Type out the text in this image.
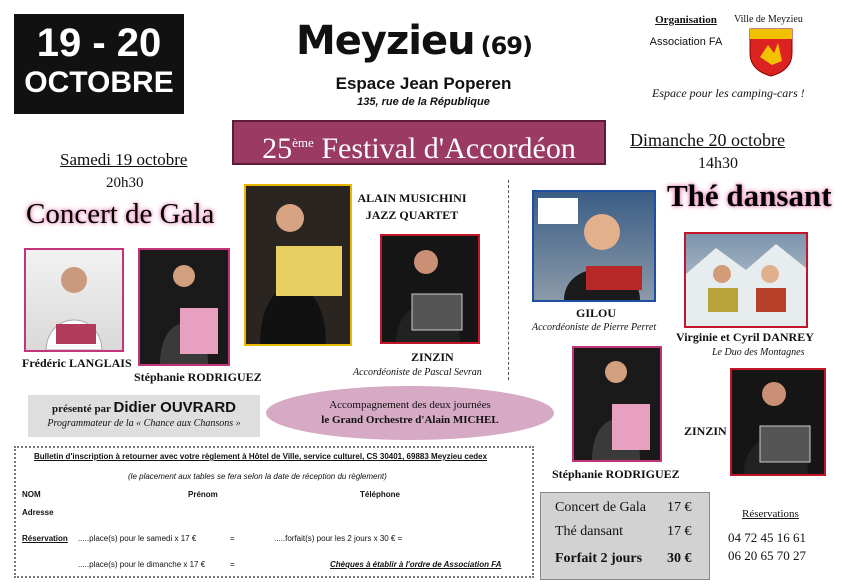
19 - 20
OCTOBRE
Meyzieu (69)
Espace Jean Poperen
135, rue de la République
Organisation
Association FA
Ville de Meyzieu
Espace pour les camping-cars !
25ème Festival d'Accordéon
Samedi 19 octobre
20h30
Concert de Gala
Dimanche 20 octobre
14h30
Thé dansant
ALAIN MUSICHINI
JAZZ QUARTET
Frédéric LANGLAIS
Stéphanie RODRIGUEZ
ZINZIN
Accordéoniste de Pascal Sevran
GILOU
Accordéoniste de Pierre Perret
Virginie et Cyril DANREY
Le Duo des Montagnes
Stéphanie RODRIGUEZ
ZINZIN
présenté par Didier OUVRARD
Programmateur de la « Chance aux Chansons »
Accompagnement des deux journées
le Grand Orchestre d'Alain MICHEL
Bulletin d'inscription à retourner avec votre règlement à Hôtel de Ville, service culturel, CS 30401, 69883 Meyzieu cedex
(le placement aux tables se fera selon la date de réception du règlement)
NOM	Prénom	Téléphone
Adresse
Réservation .....place(s) pour le samedi x 17 €	=	.....forfait(s) pour les 2 jours x 30 € =
.....place(s) pour le dimanche x 17 €	=	Chèques à établir à l'ordre de Association FA
Concert de Gala 17 €
Thé dansant	17 €
Forfait 2 jours 30 €
Réservations
04 72 45 16 61
06 20 65 70 27
